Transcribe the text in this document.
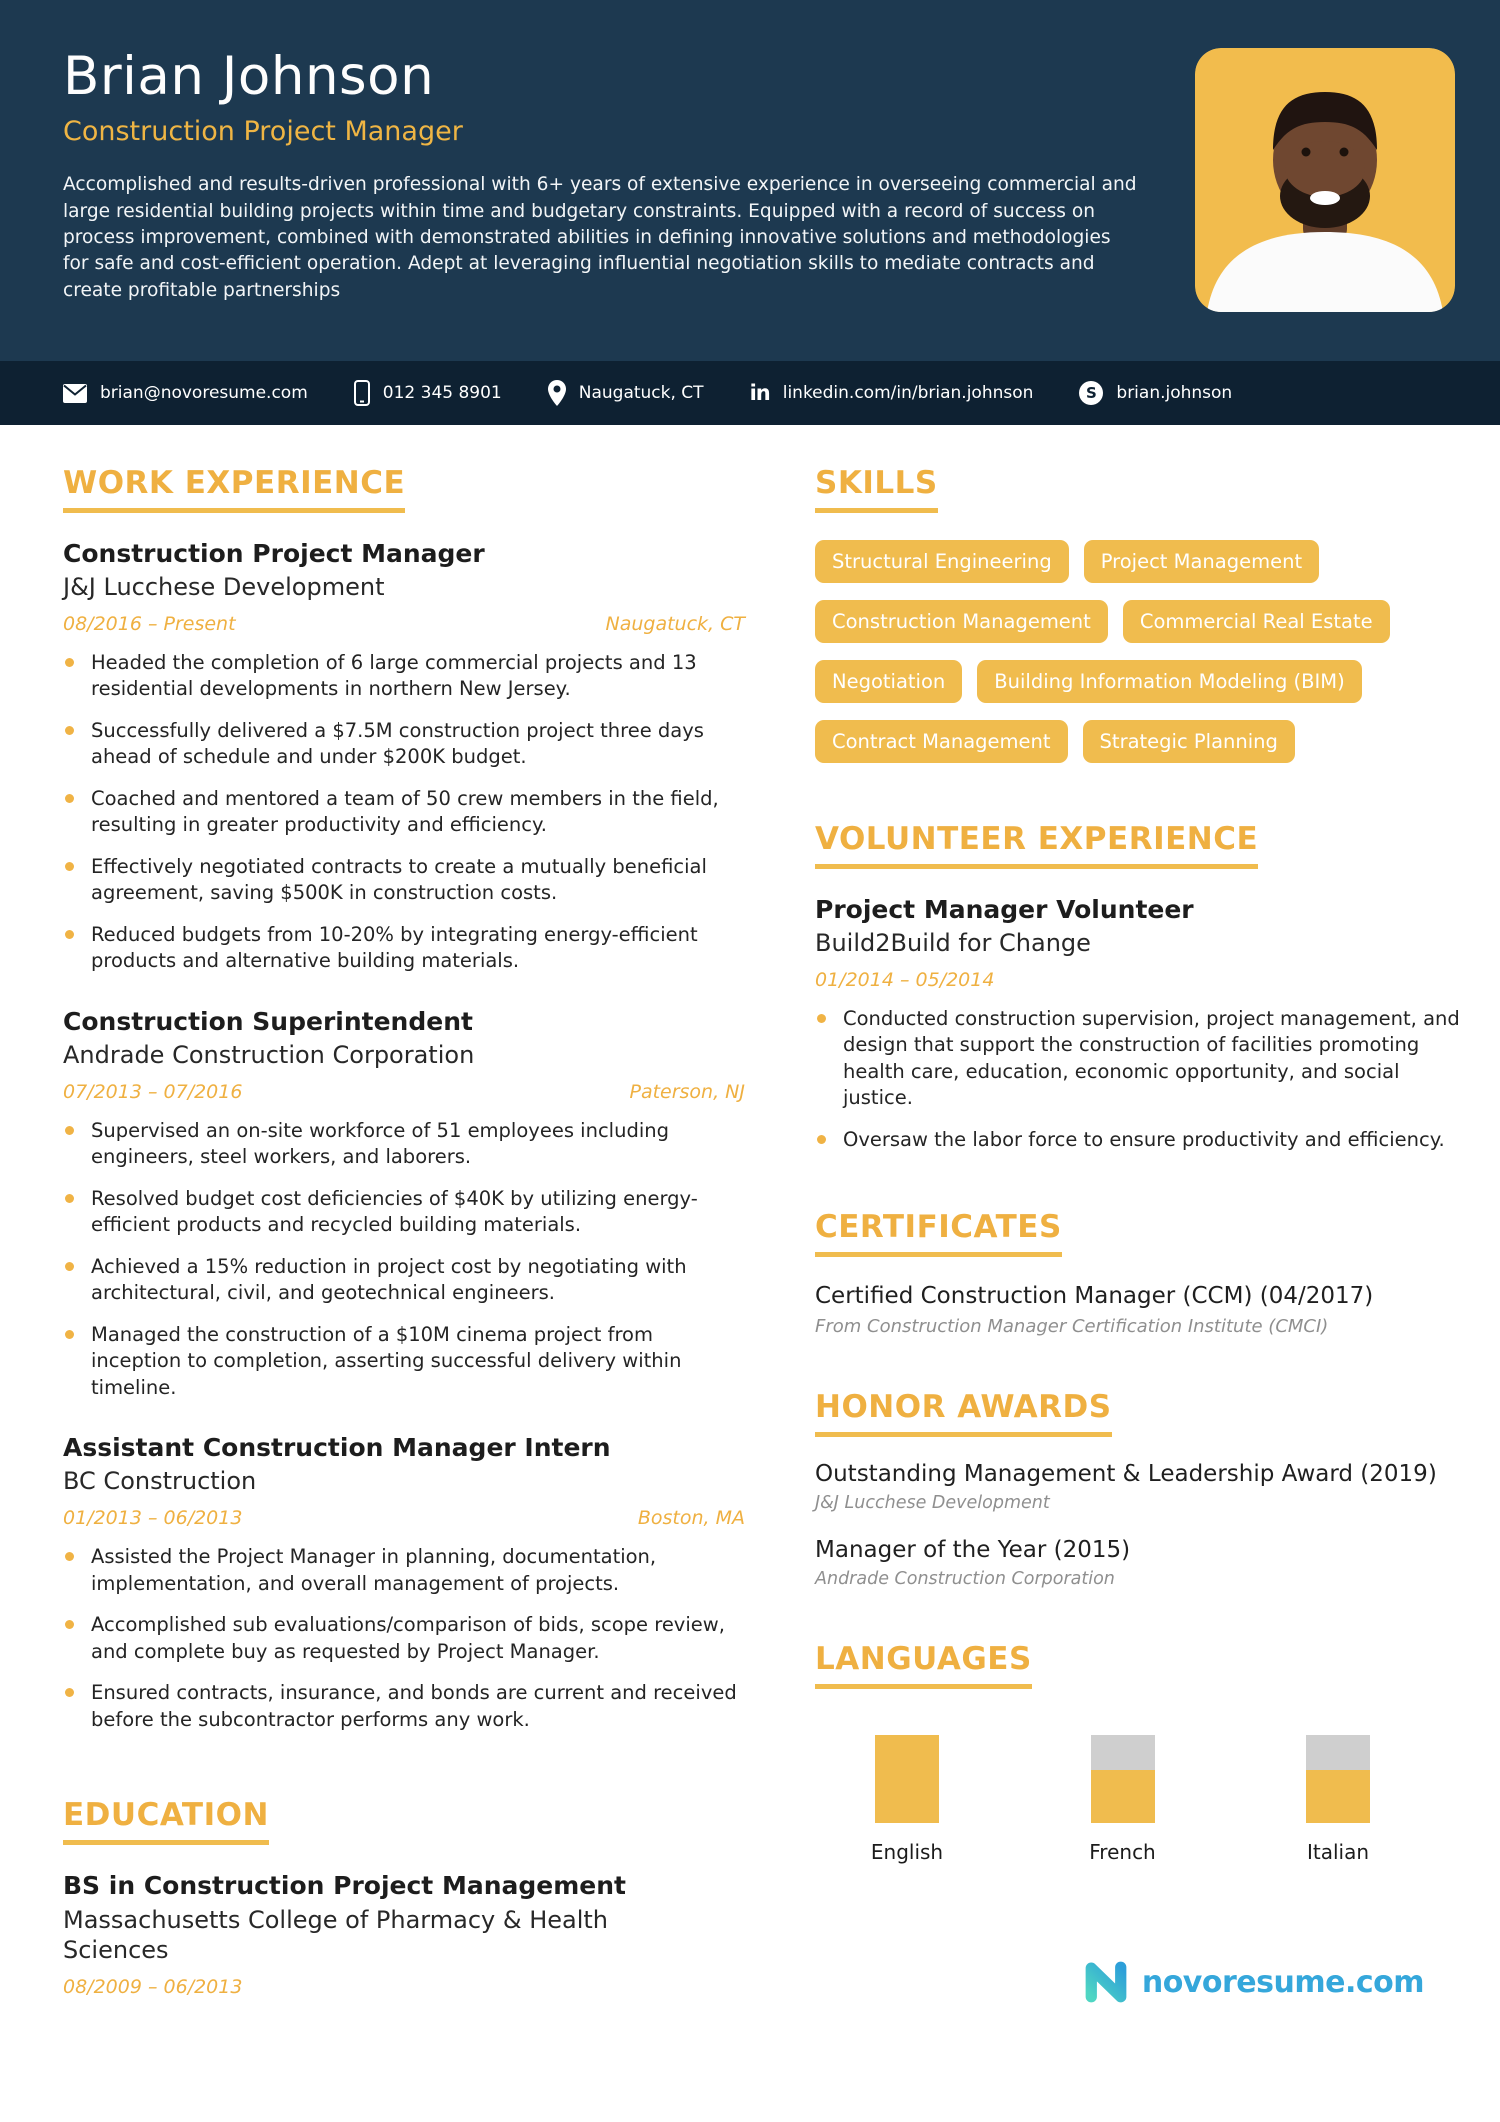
Brian Johnson
Construction Project Manager

Accomplished and results-driven professional with 6+ years of extensive experience in overseeing commercial and large residential building projects within time and budgetary constraints. Equipped with a record of success on process improvement, combined with demonstrated abilities in defining innovative solutions and methodologies for safe and cost-efficient operation. Adept at leveraging influential negotiation skills to mediate contracts and create profitable partnerships

brian@novoresume.com	012 345 8901	Naugatuck, CT in linkedin.com/in/brian.johnson	S	brian.johnson
WORK EXPERIENCE
Construction Project Manager
J&J Lucchese Development
08/2016 – Present	Naugatuck, CT
Headed the completion of 6 large commercial projects and 13 residential developments in northern New Jersey.
Successfully delivered a $7.5M construction project three days ahead of schedule and under $200K budget.
Coached and mentored a team of 50 crew members in the field, resulting in greater productivity and efficiency.
Effectively negotiated contracts to create a mutually beneficial agreement, saving $500K in construction costs.
Reduced budgets from 10-20% by integrating energy-efficient products and alternative building materials.
Construction Superintendent
Andrade Construction Corporation
07/2013 – 07/2016	Paterson, NJ
Supervised an on-site workforce of 51 employees including engineers, steel workers, and laborers.
Resolved budget cost deficiencies of $40K by utilizing energy-efficient products and recycled building materials.
Achieved a 15% reduction in project cost by negotiating with architectural, civil, and geotechnical engineers.
Managed the construction of a $10M cinema project from inception to completion, asserting successful delivery within timeline.
Assistant Construction Manager Intern
BC Construction
01/2013 – 06/2013	Boston, MA
Assisted the Project Manager in planning, documentation, implementation, and overall management of projects.
Accomplished sub evaluations/comparison of bids, scope review, and complete buy as requested by Project Manager.
Ensured contracts, insurance, and bonds are current and received before the subcontractor performs any work.
EDUCATION
BS in Construction Project Management
Massachusetts College of Pharmacy & Health Sciences
08/2009 – 06/2013
SKILLS
Structural Engineering	Project Management
Construction Management	Commercial Real Estate
Negotiation	Building Information Modeling (BIM)
Contract Management	Strategic Planning
VOLUNTEER EXPERIENCE
Project Manager Volunteer
Build2Build for Change
01/2014 – 05/2014
Conducted construction supervision, project management, and design that support the construction of facilities promoting health care, education, economic opportunity, and social justice.
Oversaw the labor force to ensure productivity and efficiency.
CERTIFICATES
Certified Construction Manager (CCM) (04/2017)
From Construction Manager Certification Institute (CMCI)
HONOR AWARDS
Outstanding Management & Leadership Award (2019)
J&J Lucchese Development
Manager of the Year (2015)
Andrade Construction Corporation
LANGUAGES
English	French	Italian
novoresume.com
